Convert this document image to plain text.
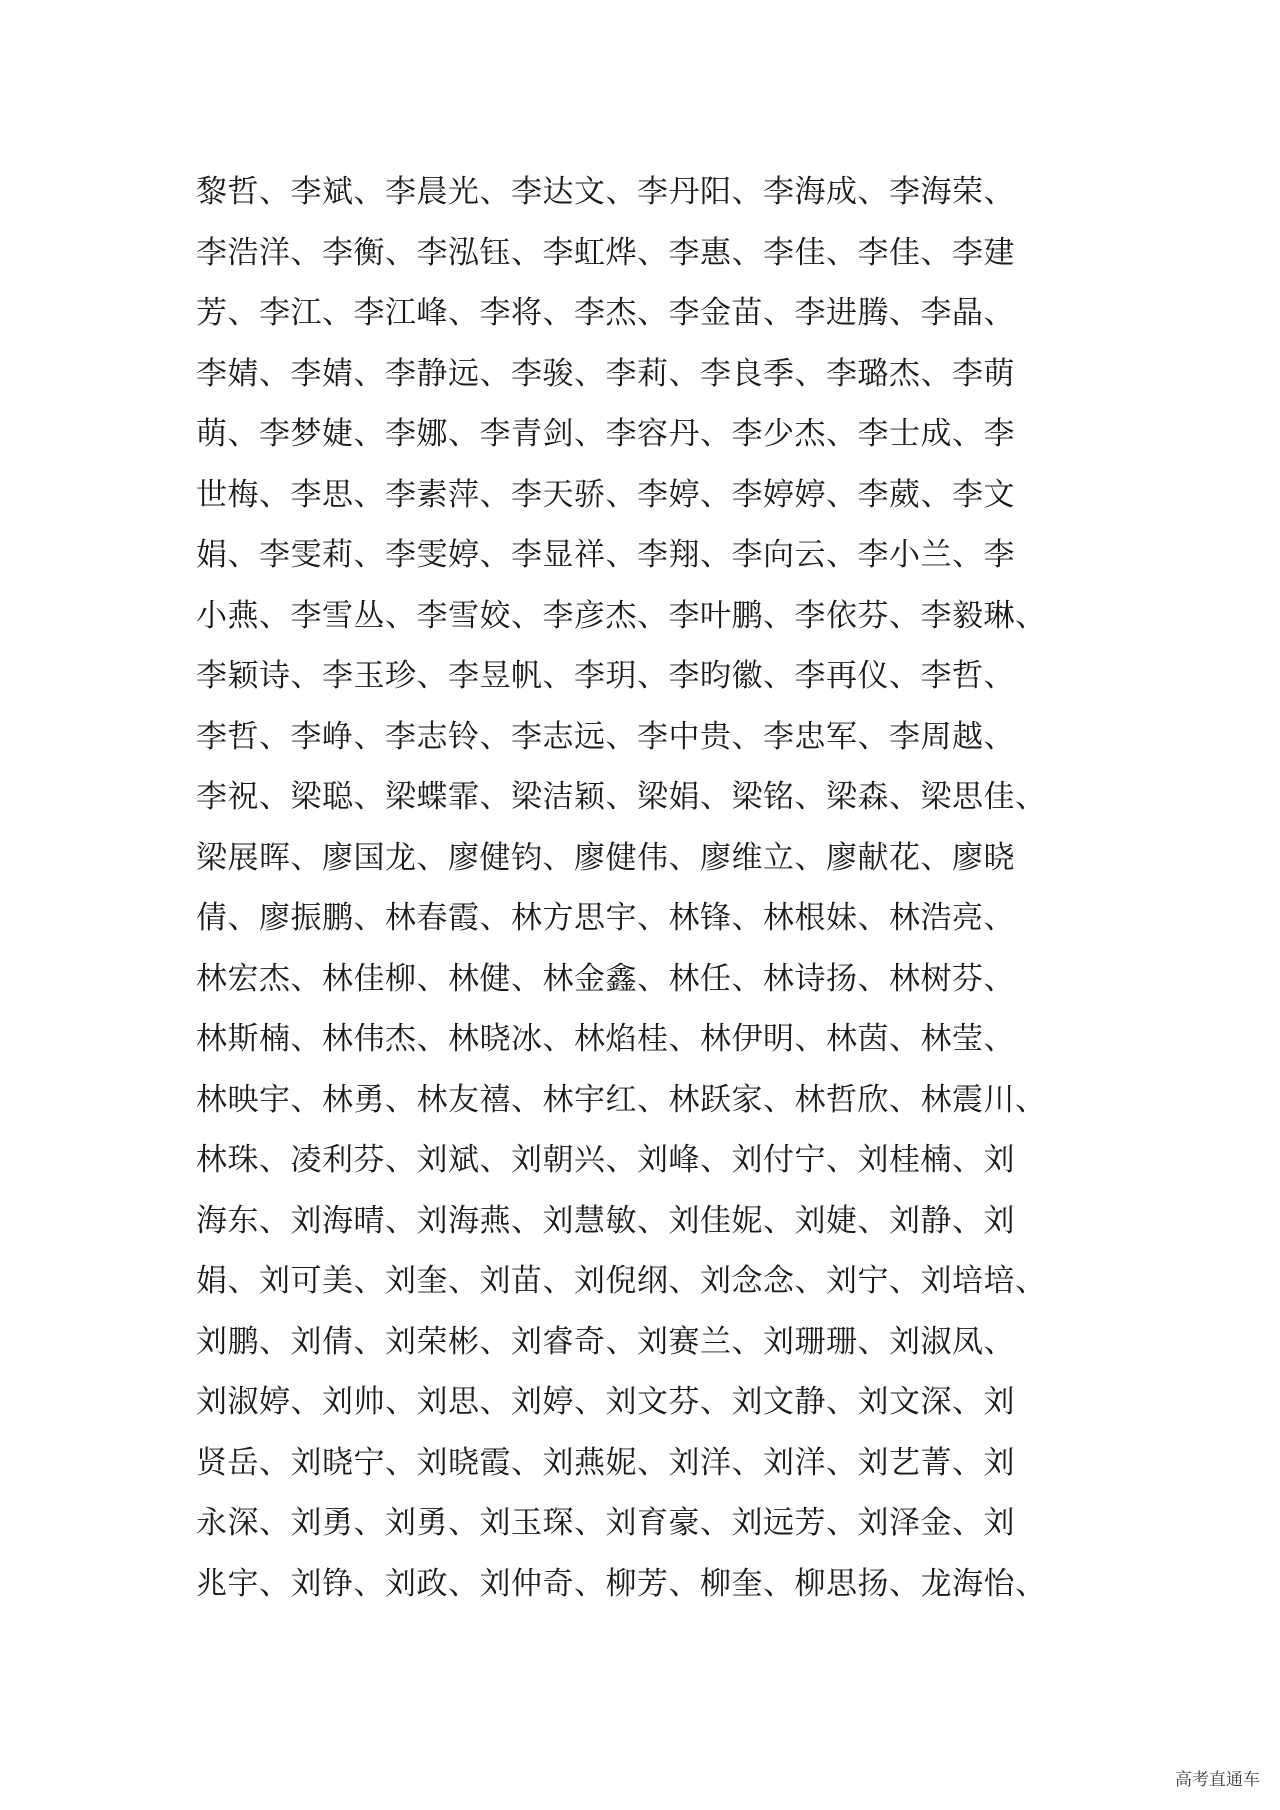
黎哲、李斌、李晨光、李达文、李丹阳、李海成、李海荣、
李浩洋、李衡、李泓钰、李虹烨、李惠、李佳、李佳、李建
芳、李江、李江峰、李将、李杰、李金苗、李进腾、李晶、
李婧、李婧、李静远、李骏、李莉、李良季、李璐杰、李萌
萌、李梦婕、李娜、李青剑、李容丹、李少杰、李士成、李
世梅、李思、李素萍、李天骄、李婷、李婷婷、李葳、李文
娟、李雯莉、李雯婷、李显祥、李翔、李向云、李小兰、李
小燕、李雪丛、李雪姣、李彦杰、李叶鹏、李依芬、李毅琳、
李颖诗、李玉珍、李昱帆、李玥、李昀徽、李再仪、李哲、
李哲、李峥、李志铃、李志远、李中贵、李忠军、李周越、
李祝、梁聪、梁蝶霏、梁洁颖、梁娟、梁铭、梁森、梁思佳、
梁展晖、廖国龙、廖健钧、廖健伟、廖维立、廖献花、廖晓
倩、廖振鹏、林春霞、林方思宇、林锋、林根妹、林浩亮、
林宏杰、林佳柳、林健、林金鑫、林任、林诗扬、林树芬、
林斯楠、林伟杰、林晓冰、林焰桂、林伊明、林茵、林莹、
林映宇、林勇、林友禧、林宇红、林跃家、林哲欣、林震川、
林珠、凌利芬、刘斌、刘朝兴、刘峰、刘付宁、刘桂楠、刘
海东、刘海晴、刘海燕、刘慧敏、刘佳妮、刘婕、刘静、刘
娟、刘可美、刘奎、刘苗、刘倪纲、刘念念、刘宁、刘培培、
刘鹏、刘倩、刘荣彬、刘睿奇、刘赛兰、刘珊珊、刘淑凤、
刘淑婷、刘帅、刘思、刘婷、刘文芬、刘文静、刘文深、刘
贤岳、刘晓宁、刘晓霞、刘燕妮、刘洋、刘洋、刘艺菁、刘
永深、刘勇、刘勇、刘玉琛、刘育豪、刘远芳、刘泽金、刘
兆宇、刘铮、刘政、刘仲奇、柳芳、柳奎、柳思扬、龙海怡、
高考直通车
